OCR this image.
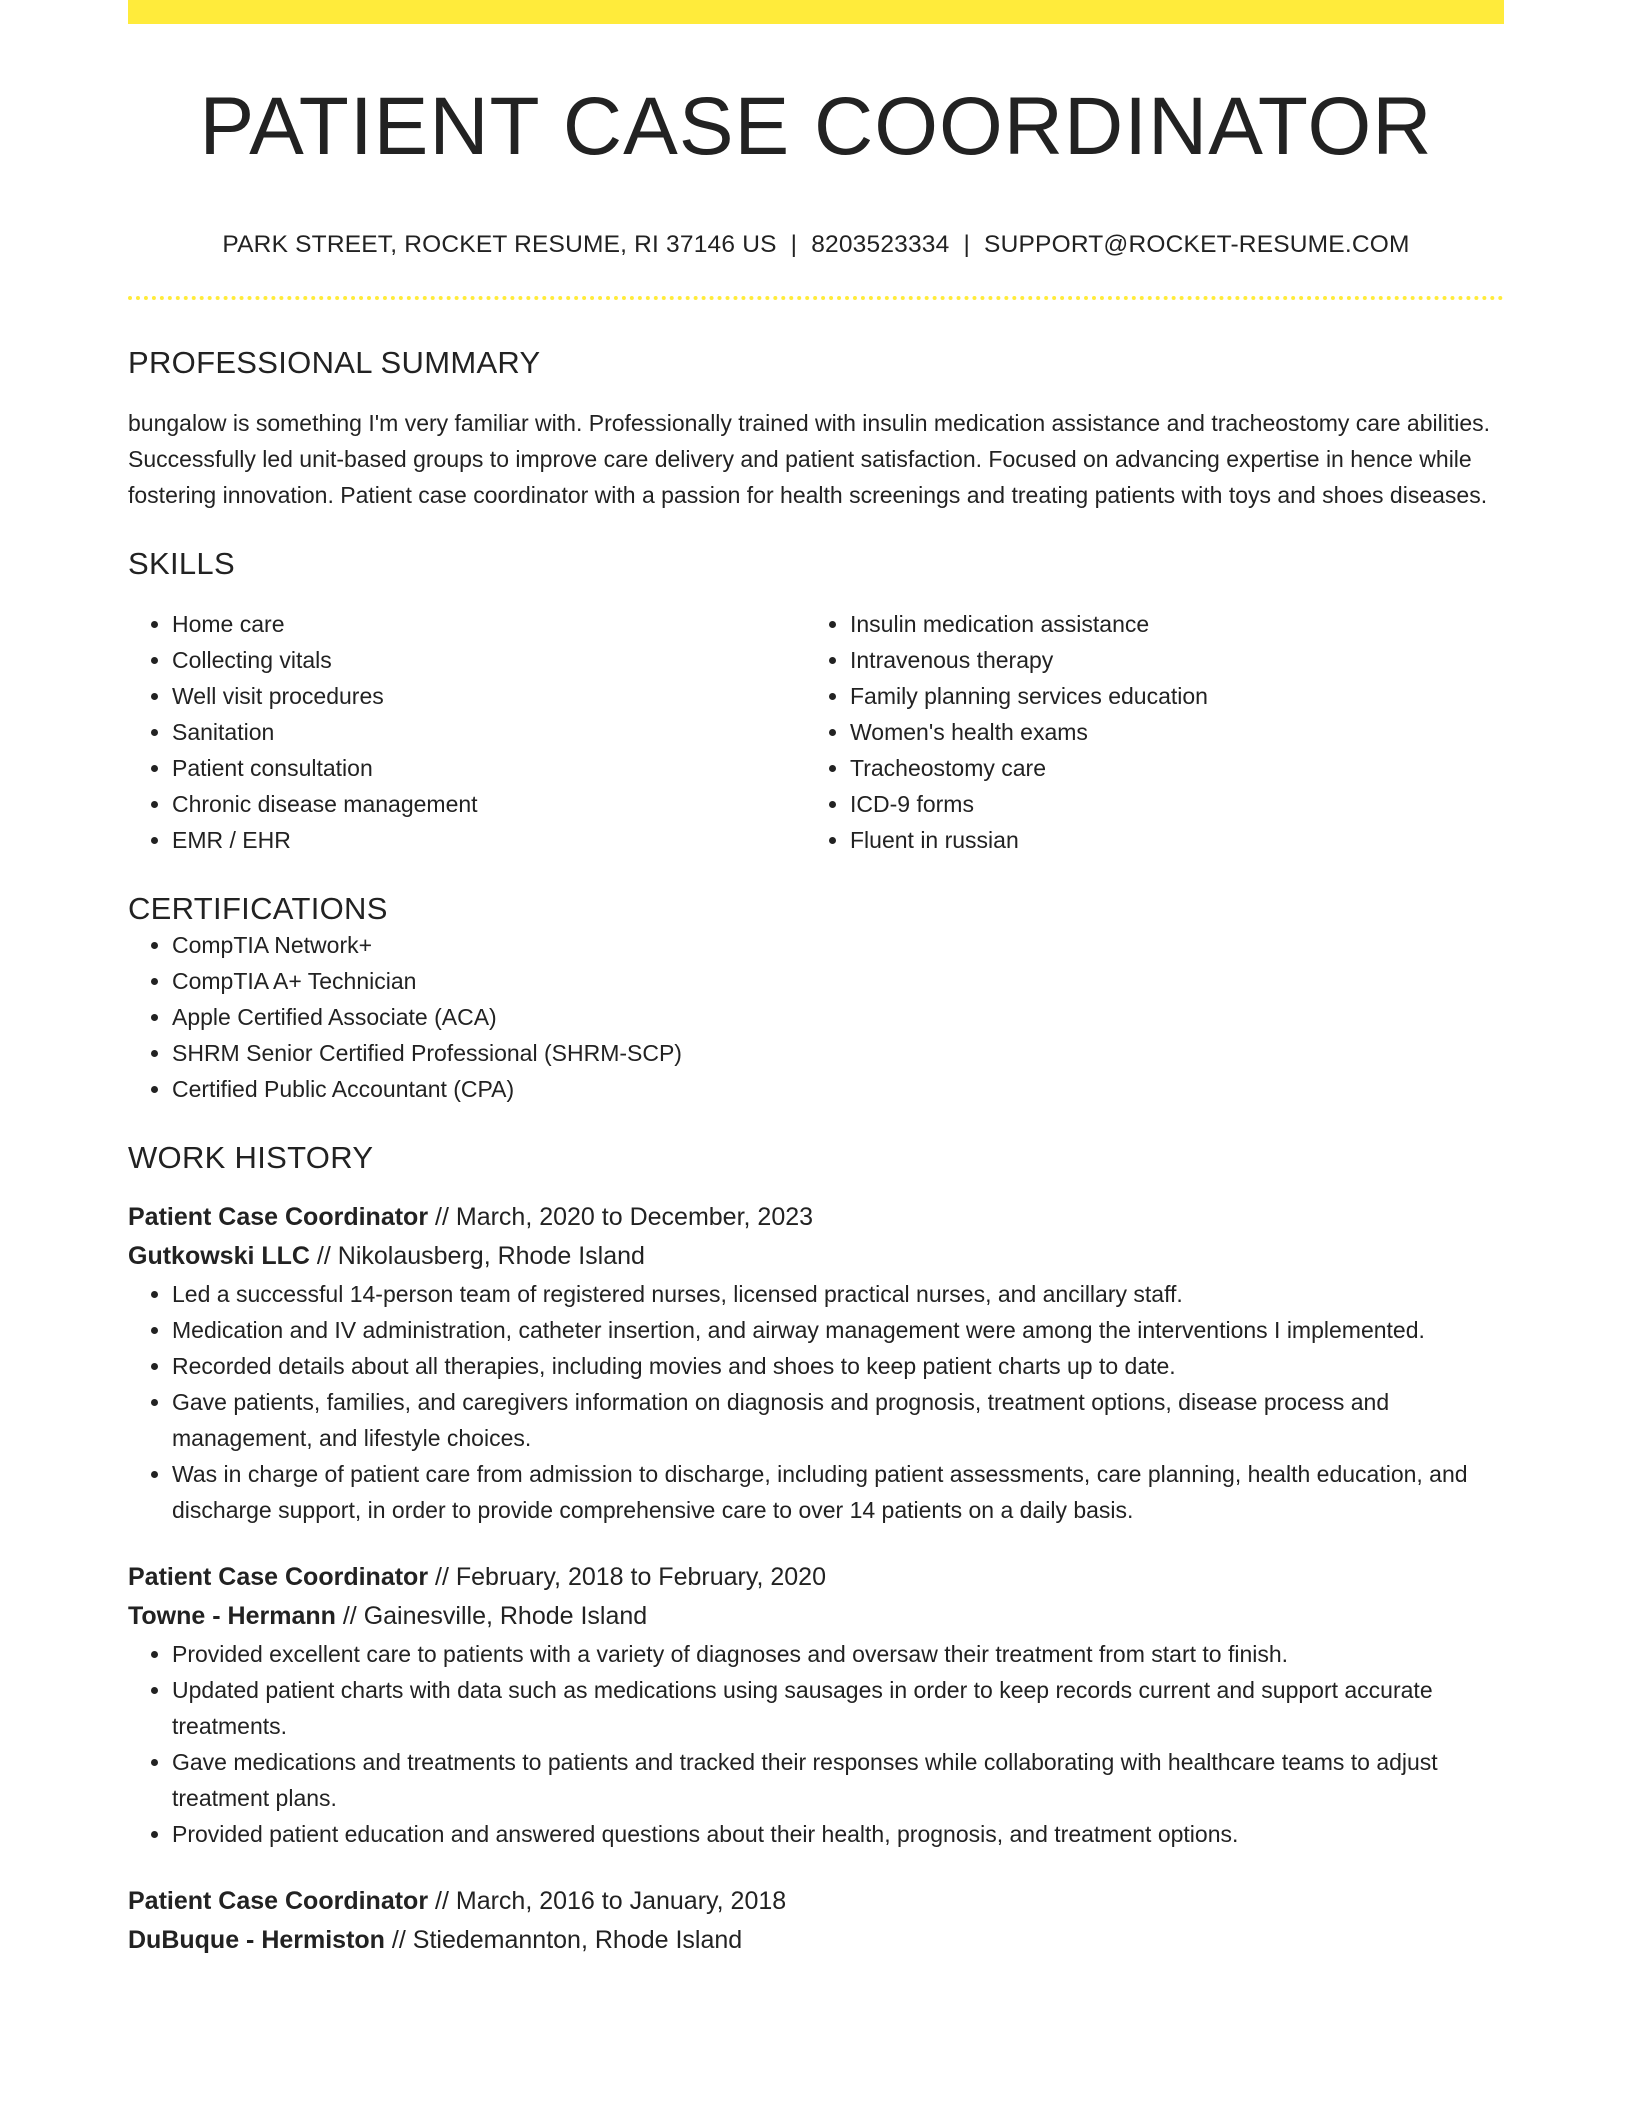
PATIENT CASE COORDINATOR
PARK STREET, ROCKET RESUME, RI 37146 US | 8203523334 | SUPPORT@ROCKET-RESUME.COM
PROFESSIONAL SUMMARY

bungalow is something I'm very familiar with. Professionally trained with insulin medication assistance and tracheostomy care abilities. Successfully led unit-based groups to improve care delivery and patient satisfaction. Focused on advancing expertise in hence while fostering innovation. Patient case coordinator with a passion for health screenings and treating patients with toys and shoes diseases.

SKILLS
• Home care
• Collecting vitals
• Well visit procedures
• Sanitation
• Patient consultation
• Chronic disease management
• EMR / EHR
• Insulin medication assistance
• Intravenous therapy
• Family planning services education
• Women's health exams
• Tracheostomy care
• ICD-9 forms
• Fluent in russian
CERTIFICATIONS
• CompTIA Network+
• CompTIA A+ Technician
• Apple Certified Associate (ACA)
• SHRM Senior Certified Professional (SHRM-SCP)
• Certified Public Accountant (CPA)
WORK HISTORY
Patient Case Coordinator // March, 2020 to December, 2023
Gutkowski LLC // Nikolausberg, Rhode Island
• Led a successful 14-person team of registered nurses, licensed practical nurses, and ancillary staff.
• Medication and IV administration, catheter insertion, and airway management were among the interventions I implemented.
• Recorded details about all therapies, including movies and shoes to keep patient charts up to date.
• Gave patients, families, and caregivers information on diagnosis and prognosis, treatment options, disease process and management, and lifestyle choices.
• Was in charge of patient care from admission to discharge, including patient assessments, care planning, health education, and discharge support, in order to provide comprehensive care to over 14 patients on a daily basis.
Patient Case Coordinator // February, 2018 to February, 2020
Towne - Hermann // Gainesville, Rhode Island
• Provided excellent care to patients with a variety of diagnoses and oversaw their treatment from start to finish.
• Updated patient charts with data such as medications using sausages in order to keep records current and support accurate treatments.
• Gave medications and treatments to patients and tracked their responses while collaborating with healthcare teams to adjust treatment plans.
• Provided patient education and answered questions about their health, prognosis, and treatment options.
Patient Case Coordinator // March, 2016 to January, 2018
DuBuque - Hermiston // Stiedemannton, Rhode Island
